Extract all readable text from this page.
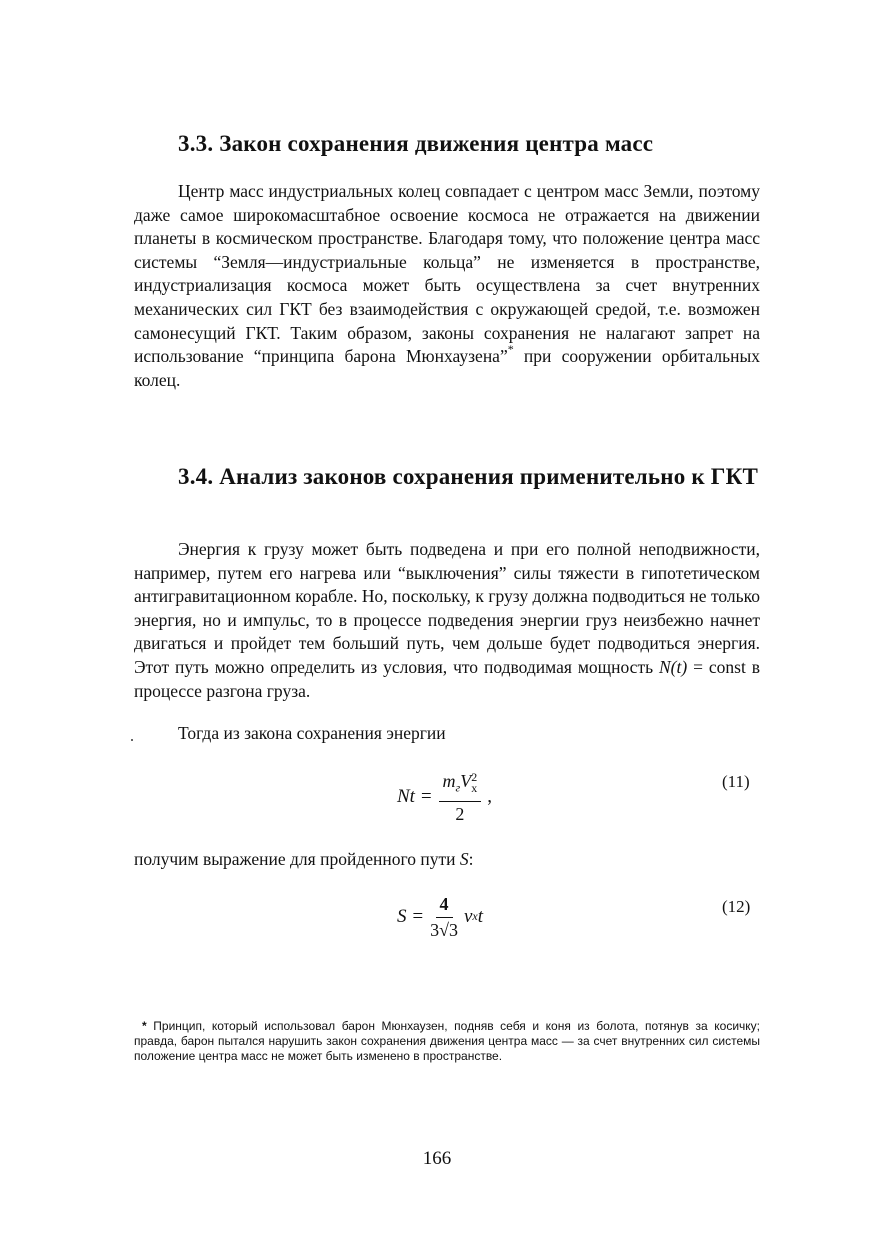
3.3. Закон сохранения движения центра масс

Центр масс индустриальных колец совпадает с центром масс Земли, поэтому даже самое широкомасштабное освоение космоса не отражается на движении планеты в космическом пространстве. Благодаря тому, что положение центра масс системы “Земля—индустриальные кольца” не изменяется в пространстве, индустриализация космоса может быть осуществлена за счет внутренних механических сил ГКТ без взаимодействия с окружающей средой, т.е. возможен самонесущий ГКТ. Таким образом, законы сохранения не налагают запрет на использование “принципа барона Мюнхаузена”* при сооружении орбитальных колец.

3.4. Анализ законов сохранения применительно к ГКТ

Энергия к грузу может быть подведена и при его полной неподвижности, например, путем его нагрева или “выключения” силы тяжести в гипотетическом антигравитационном корабле. Но, поскольку, к грузу должна подводиться не только энергия, но и импульс, то в процессе подведения энергии груз неизбежно начнет двигаться и пройдет тем больший путь, чем дольше будет подводиться энергия. Этот путь можно определить из условия, что подводимая мощность N(t) = const в процессе разгона груза.

Тогда из закона сохранения энергии

$Nt = m_гV$ 2
x
2 ,
(11)

получим выражение для пройденного пути S:

$S = \frac{4}{3√3}$ v x t	(12)

* Принцип, который использовал барон Мюнхаузен, подняв себя и коня из болота, потянув за косичку; правда, барон пытался нарушить закон сохранения движения центра масс — за счет внутренних сил системы положение центра масс не может быть изменено в пространстве.

166
